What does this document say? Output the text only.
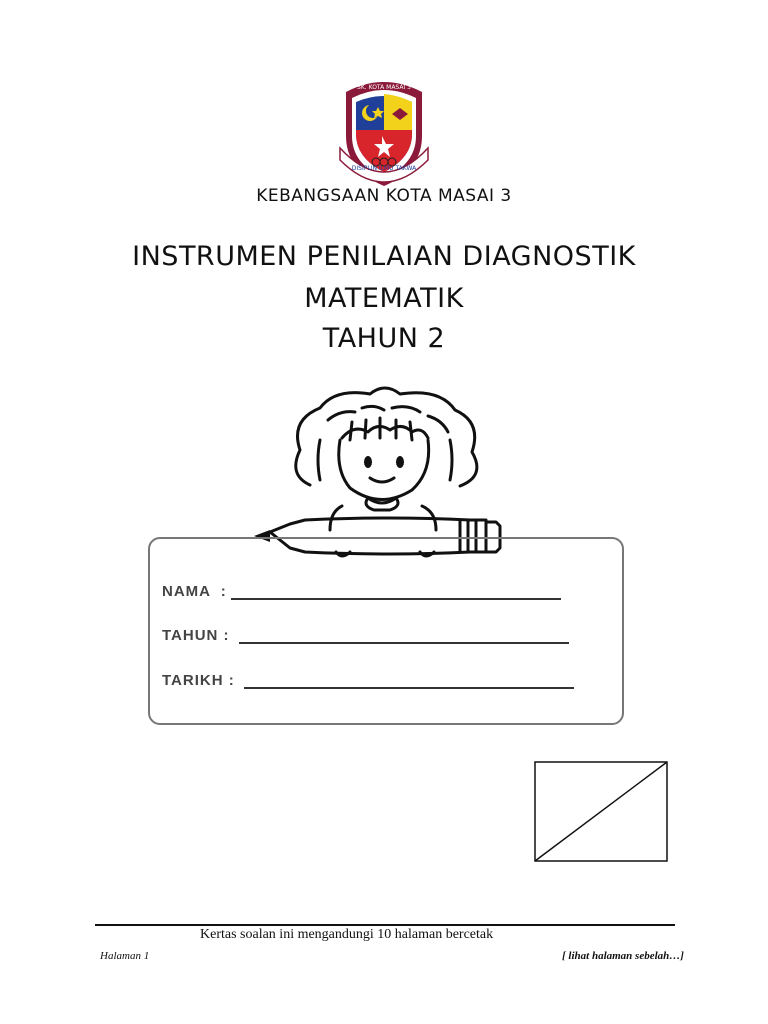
SK. KOTA MASAI 3
DISIPLIN ILMU TAKWA
KEBANGSAAN KOTA MASAI 3
INSTRUMEN PENILAIAN DIAGNOSTIK
MATEMATIK
TAHUN 2
NAMA  :
TAHUN :
TARIKH :
Kertas soalan ini mengandungi 10 halaman bercetak
Halaman 1	[ lihat halaman sebelah…]
